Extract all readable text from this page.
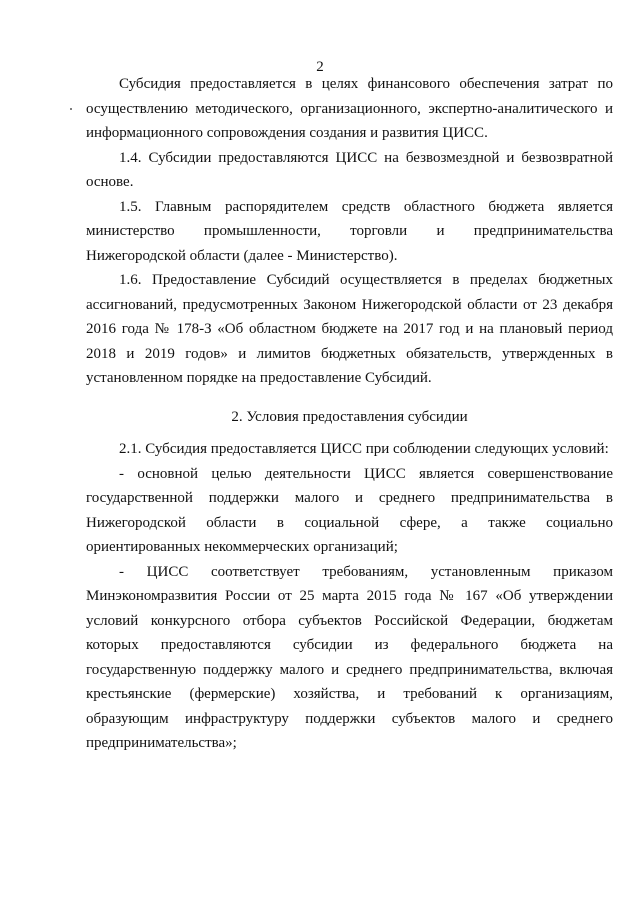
2

Субсидия предоставляется в целях финансового обеспечения затрат по осуществлению методического, организационного, экспертно-аналитического и информационного сопровождения создания и развития ЦИСС.

1.4. Субсидии предоставляются ЦИСС на безвозмездной и безвозвратной основе.

1.5. Главным распорядителем средств областного бюджета является министерство промышленности, торговли и предпринимательства Нижегородской области (далее - Министерство).

1.6. Предоставление Субсидий осуществляется в пределах бюджетных ассигнований, предусмотренных Законом Нижегородской области от 23 декабря 2016 года № 178-З «Об областном бюджете на 2017 год и на плановый период 2018 и 2019 годов» и лимитов бюджетных обязательств, утвержденных в установленном порядке на предоставление Субсидий.

2. Условия предоставления субсидии

2.1. Субсидия предоставляется ЦИСС при соблюдении следующих условий:

- основной целью деятельности ЦИСС является совершенствование государственной поддержки малого и среднего предпринимательства в Нижегородской области в социальной сфере, а также социально ориентированных некоммерческих организаций;

- ЦИСС соответствует требованиям, установленным приказом Минэкономразвития России от 25 марта 2015 года № 167 «Об утверждении условий конкурсного отбора субъектов Российской Федерации, бюджетам которых предоставляются субсидии из федерального бюджета на государственную поддержку малого и среднего предпринимательства, включая крестьянские (фермерские) хозяйства, и требований к организациям, образующим инфраструктуру поддержки субъектов малого и среднего предпринимательства»;
